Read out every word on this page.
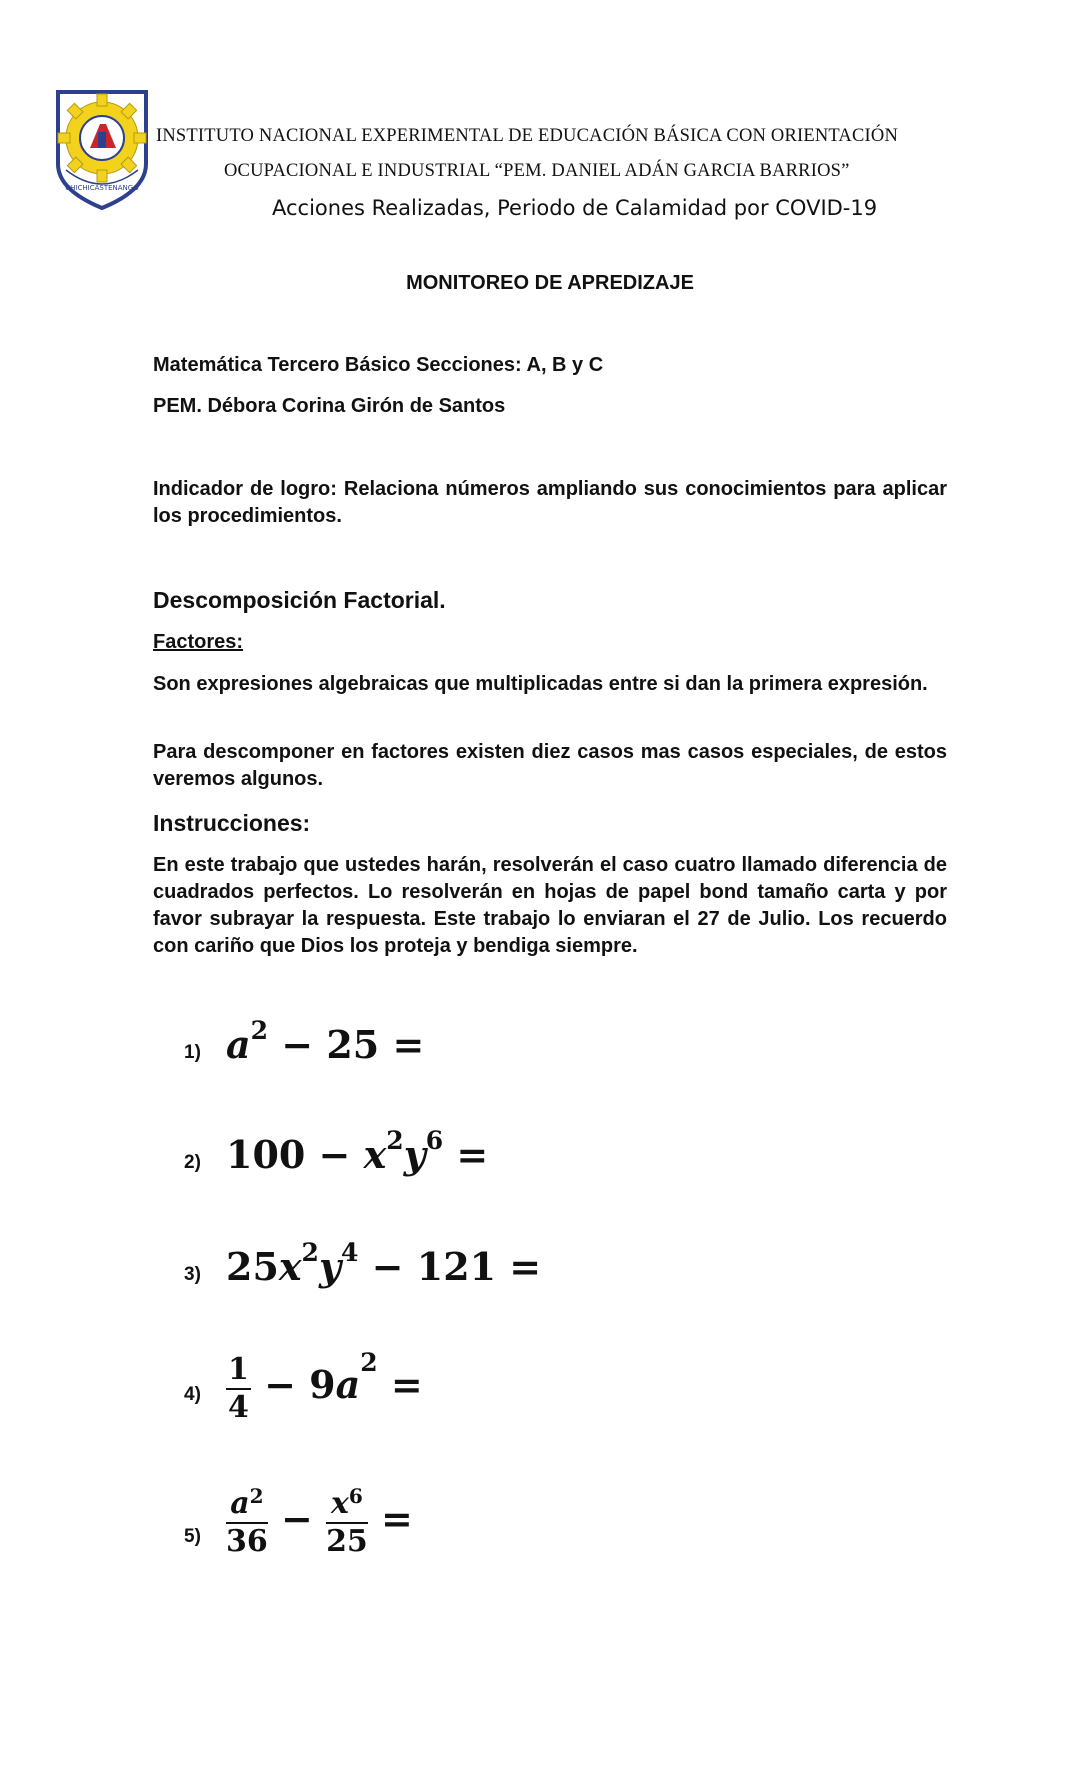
CHICHICASTENANGO
INSTITUTO NACIONAL EXPERIMENTAL DE EDUCACIÓN BÁSICA CON ORIENTACIÓN
OCUPACIONAL E INDUSTRIAL “PEM. DANIEL ADÁN GARCIA BARRIOS”
Acciones Realizadas, Periodo de Calamidad por COVID-19
MONITOREO DE APREDIZAJE
Matemática Tercero Básico Secciones: A, B y C
PEM. Débora Corina Girón de Santos
Indicador de logro: Relaciona números ampliando sus conocimientos para aplicar los procedimientos.
Descomposición Factorial.
Factores:
Son expresiones algebraicas que multiplicadas entre si dan la primera expresión.
Para descomponer en factores existen diez casos mas casos especiales, de estos veremos algunos.
Instrucciones:
En este trabajo que ustedes harán, resolverán el caso cuatro llamado diferencia de cuadrados perfectos. Lo resolverán en hojas de papel bond tamaño carta y por favor subrayar la respuesta. Este trabajo lo enviaran el 27 de Julio. Los recuerdo con cariño que Dios los proteja y bendiga siempre.
1) $a^2 - 25$ =
2) $100 - x^2y^6$ =
3) $25x^2y^4 - 121$ =
$4) \frac{1}{4} - 9a^2$ =
$5) \frac{a^2}{36} - \frac{x^6}{25}$ =
